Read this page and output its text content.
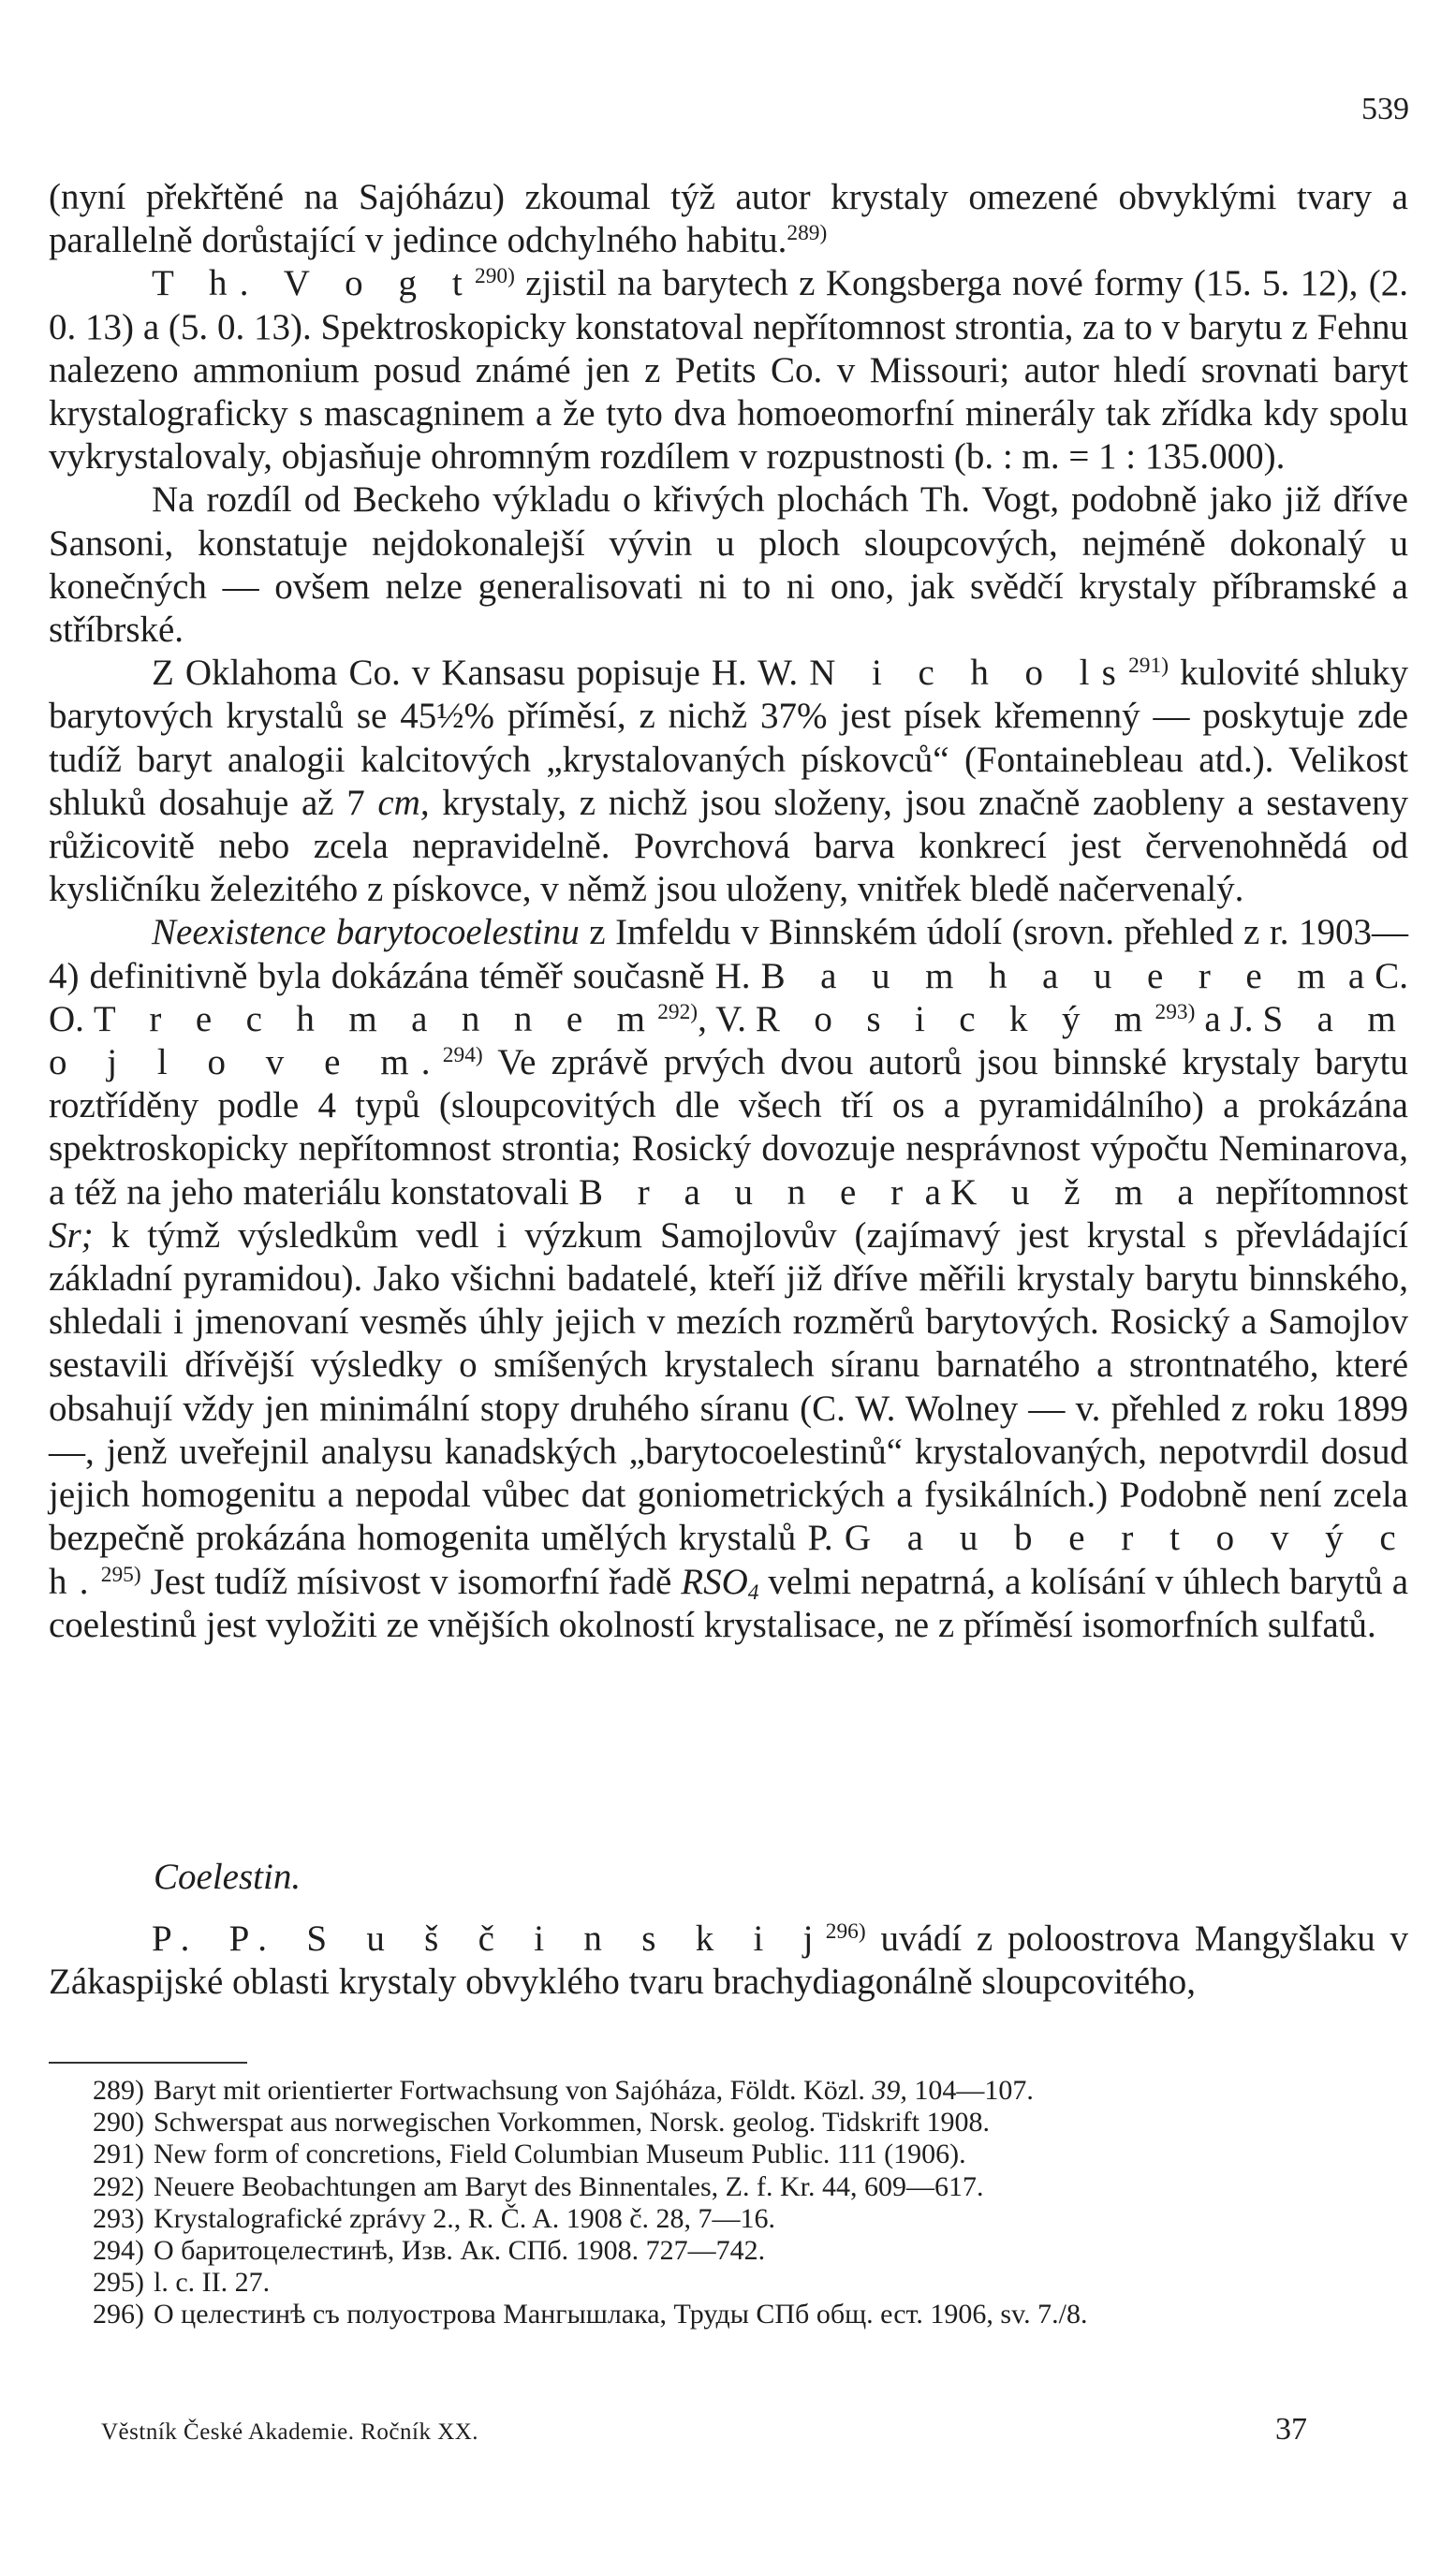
539

(nyní překřtěné na Sajóházu) zkoumal týž autor krystaly omezené obvyklými tvary a parallelně dorůstající v jedince odchylného habitu.$^{289)}$

T h. V o g $t^{290)}$ zjistil na barytech z Kongsberga nové formy (15. 5. 12), (2. 0. 13) a (5. 0. 13). Spektroskopicky konstatoval nepřítomnost strontia, za to v barytu z Fehnu nalezeno ammonium posud známé jen z Petits Co. v Missouri; autor hledí srovnati baryt krystalograficky s mascagninem a že tyto dva homoeomorfní minerály tak zřídka kdy spolu vykrystalovaly, objasňuje ohromným rozdílem v rozpustnosti (b. : m. = 1 : 135.000).

Na rozdíl od Beckeho výkladu o křivých plochách Th. Vogt, podobně jako již dříve Sansoni, konstatuje nejdokonalejší vývin u ploch sloupcových, nejméně dokonalý u konečných — ovšem nelze generalisovati ni to ni ono, jak svědčí krystaly příbramské a stříbrské.

Z Oklahoma Co. v Kansasu popisuje H. W. N i c h o $ls^{291)}$ kulovité shluky barytových krystalů se 45½% příměsí, z nichž 37% jest písek křemenný — poskytuje zde tudíž baryt analogii kalcitových „krystalovaných pískovců“ (Fontainebleau atd.). Velikost shluků dosahuje až 7 cm, krystaly, z nichž jsou složeny, jsou značně zaobleny a sestaveny růžicovitě nebo zcela nepravidelně. Povrchová barva konkrecí jest červenohnědá od kysličníku železitého z pískovce, v němž jsou uloženy, vnitřek bledě načervenalý.

Neexistence barytocoelestinu z Imfeldu v Binnském údolí (srovn. přehled z r. 1903—4) definitivně byla dokázána téměř současně H. B a u m h a u e r e m a C. O. T r e c h m a n n e $m^{292)}$, V. R o s i c k ý $m^{293)}$ a J. S a m o j l o v e m.$^{294)}$ Ve zprávě prvých dvou autorů jsou binnské krystaly barytu roztříděny podle 4 typů (sloupcovitých dle všech tří os a pyramidálního) a prokázána spektroskopicky nepřítomnost strontia; Rosický dovozuje nesprávnost výpočtu Neminarova, a též na jeho materiálu konstatovali B r a u n e r a K u ž m a nepřítomnost Sr; k týmž výsledkům vedl i výzkum Samojlovův (zajímavý jest krystal s převládající základní pyramidou). Jako všichni badatelé, kteří již dříve měřili krystaly barytu binnského, shledali i jmenovaní vesměs úhly jejich v mezích rozměrů barytových. Rosický a Samojlov sestavili dřívější výsledky o smíšených krystalech síranu barnatého a strontnatého, které obsahují vždy jen minimální stopy druhého síranu (C. W. Wolney — v. přehled z roku 1899 —, jenž uveřejnil analysu kanadských „barytocoelestinů“ krystalovaných, nepotvrdil dosud jejich homogenitu a nepodal vůbec dat goniometrických a fysikálních.) Podobně není zcela bezpečně prokázána homogenita umělých krystalů P. G a u b e r t o v ý c h.$^{295)}$ Jest tudíž mísivost v isomorfní řadě $RSO_4$ velmi nepatrná, a kolísání v úhlech barytů a coelestinů jest vyložiti ze vnějších okolností krystalisace, ne z příměsí isomorfních sulfatů.

Coelestin.

P. P. S u š č i n s k i $j^{296)}$ uvádí z poloostrova Mangyšlaku v Zákaspijské oblasti krystaly obvyklého tvaru brachydiagonálně sloupcovitého,

289) Baryt mit orientierter Fortwachsung von Sajóháza, Földt. Közl. 39, 104—107.

290) Schwerspat aus norwegischen Vorkommen, Norsk. geolog. Tidskrift 1908.

291) New form of concretions, Field Columbian Museum Public. 111 (1906).

292) Neuere Beobachtungen am Baryt des Binnentales, Z. f. Kr. 44, 609—617.

293) Krystalografické zprávy 2., R. Č. A. 1908 č. 28, 7—16.

294) О баритоцелестинѣ, Изв. Ак. СПб. 1908. 727—742.

295) l. c. II. 27.

296) О целестинѣ съ полуострова Мангышлака, Труды СПб общ. ест. 1906, sv. 7./8.

Věstník České Akademie. Ročník XX.	37
